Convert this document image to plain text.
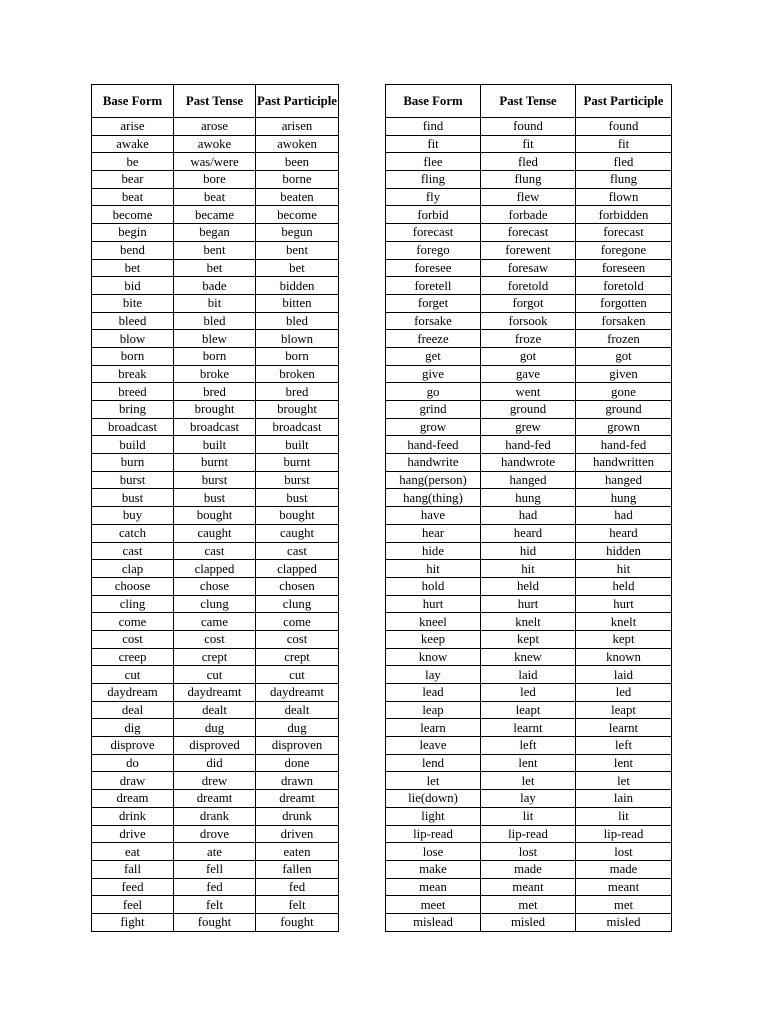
Base Form	Past Tense	Past Participle
arise	arose	arisen
awake	awoke	awoken
be	was/were	been
bear	bore	borne
beat	beat	beaten
become	became	become
begin	began	begun
bend	bent	bent
bet	bet	bet
bid	bade	bidden
bite	bit	bitten
bleed	bled	bled
blow	blew	blown
born	born	born
break	broke	broken
breed	bred	bred
bring	brought	brought
broadcast	broadcast	broadcast
build	built	built
burn	burnt	burnt
burst	burst	burst
bust	bust	bust
buy	bought	bought
catch	caught	caught
cast	cast	cast
clap	clapped	clapped
choose	chose	chosen
cling	clung	clung
come	came	come
cost	cost	cost
creep	crept	crept
cut	cut	cut
daydream	daydreamt	daydreamt
deal	dealt	dealt
dig	dug	dug
disprove	disproved	disproven
do	did	done
draw	drew	drawn
dream	dreamt	dreamt
drink	drank	drunk
drive	drove	driven
eat	ate	eaten
fall	fell	fallen
feed	fed	fed
feel	felt	felt
fight	fought	fought
Base Form	Past Tense	Past Participle
find	found	found
fit	fit	fit
flee	fled	fled
fling	flung	flung
fly	flew	flown
forbid	forbade	forbidden
forecast	forecast	forecast
forego	forewent	foregone
foresee	foresaw	foreseen
foretell	foretold	foretold
forget	forgot	forgotten
forsake	forsook	forsaken
freeze	froze	frozen
get	got	got
give	gave	given
go	went	gone
grind	ground	ground
grow	grew	grown
hand-feed	hand-fed	hand-fed
handwrite	handwrote	handwritten
hang(person)	hanged	hanged
hang(thing)	hung	hung
have	had	had
hear	heard	heard
hide	hid	hidden
hit	hit	hit
hold	held	held
hurt	hurt	hurt
kneel	knelt	knelt
keep	kept	kept
know	knew	known
lay	laid	laid
lead	led	led
leap	leapt	leapt
learn	learnt	learnt
leave	left	left
lend	lent	lent
let	let	let
lie(down)	lay	lain
light	lit	lit
lip-read	lip-read	lip-read
lose	lost	lost
make	made	made
mean	meant	meant
meet	met	met
mislead	misled	misled
